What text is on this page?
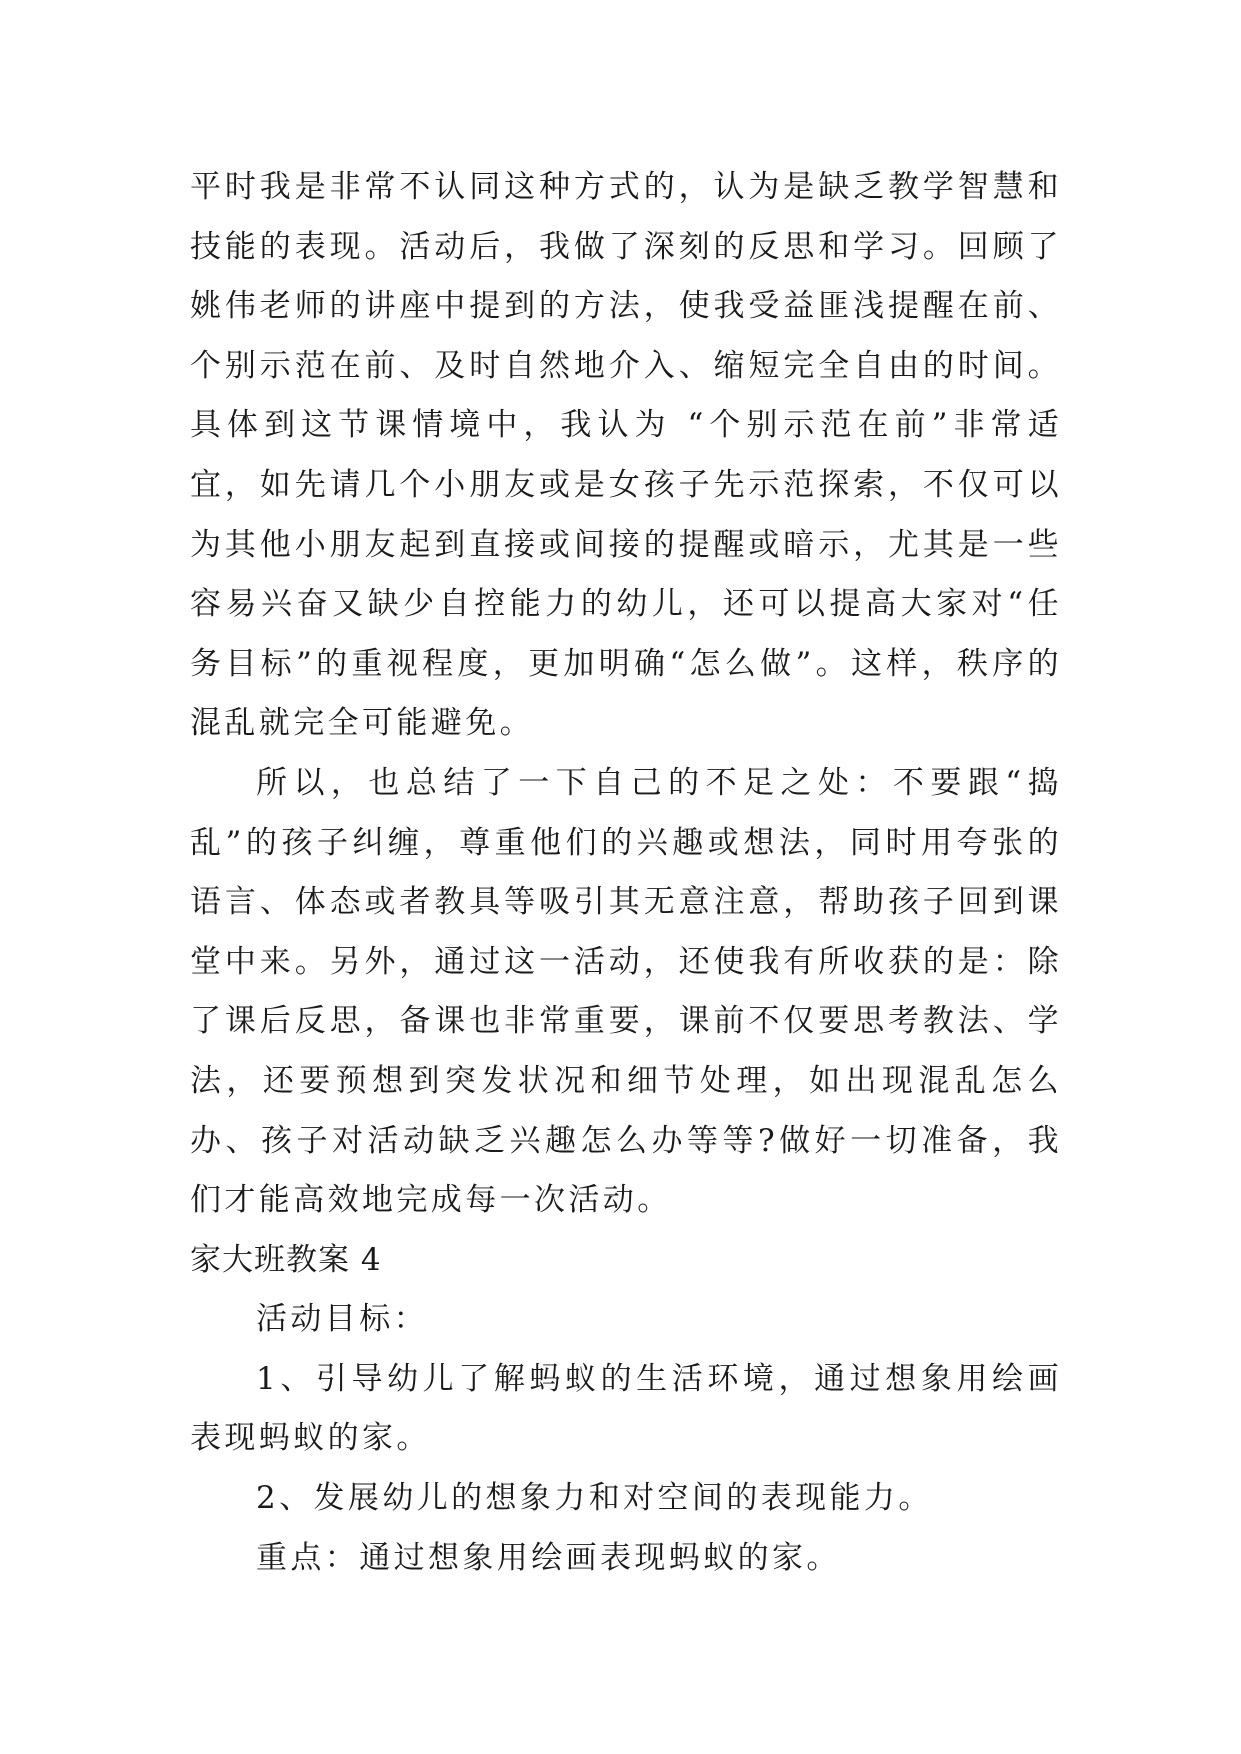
平时我是非常不认同这种方式的，认为是缺乏教学智慧和技能的表现。活动后，我做了深刻的反思和学习。回顾了姚伟老师的讲座中提到的方法，使我受益匪浅提醒在前、个别示范在前、及时自然地介入、缩短完全自由的时间。具体到这节课情境中，我认为 “个别示范在前”非常适宜，如先请几个小朋友或是女孩子先示范探索，不仅可以为其他小朋友起到直接或间接的提醒或暗示，尤其是一些容易兴奋又缺少自控能力的幼儿，还可以提高大家对“任务目标”的重视程度，更加明确“怎么做”。这样，秩序的混乱就完全可能避免。

所以，也总结了一下自己的不足之处：不要跟“捣乱”的孩子纠缠，尊重他们的兴趣或想法，同时用夸张的语言、体态或者教具等吸引其无意注意，帮助孩子回到课堂中来。另外，通过这一活动，还使我有所收获的是：除了课后反思，备课也非常重要，课前不仅要思考教法、学法，还要预想到突发状况和细节处理，如出现混乱怎么办、孩子对活动缺乏兴趣怎么办等等?做好一切准备，我们才能高效地完成每一次活动。

家大班教案 4

活动目标：

1、引导幼儿了解蚂蚁的生活环境，通过想象用绘画表现蚂蚁的家。

2、发展幼儿的想象力和对空间的表现能力。

重点：通过想象用绘画表现蚂蚁的家。
